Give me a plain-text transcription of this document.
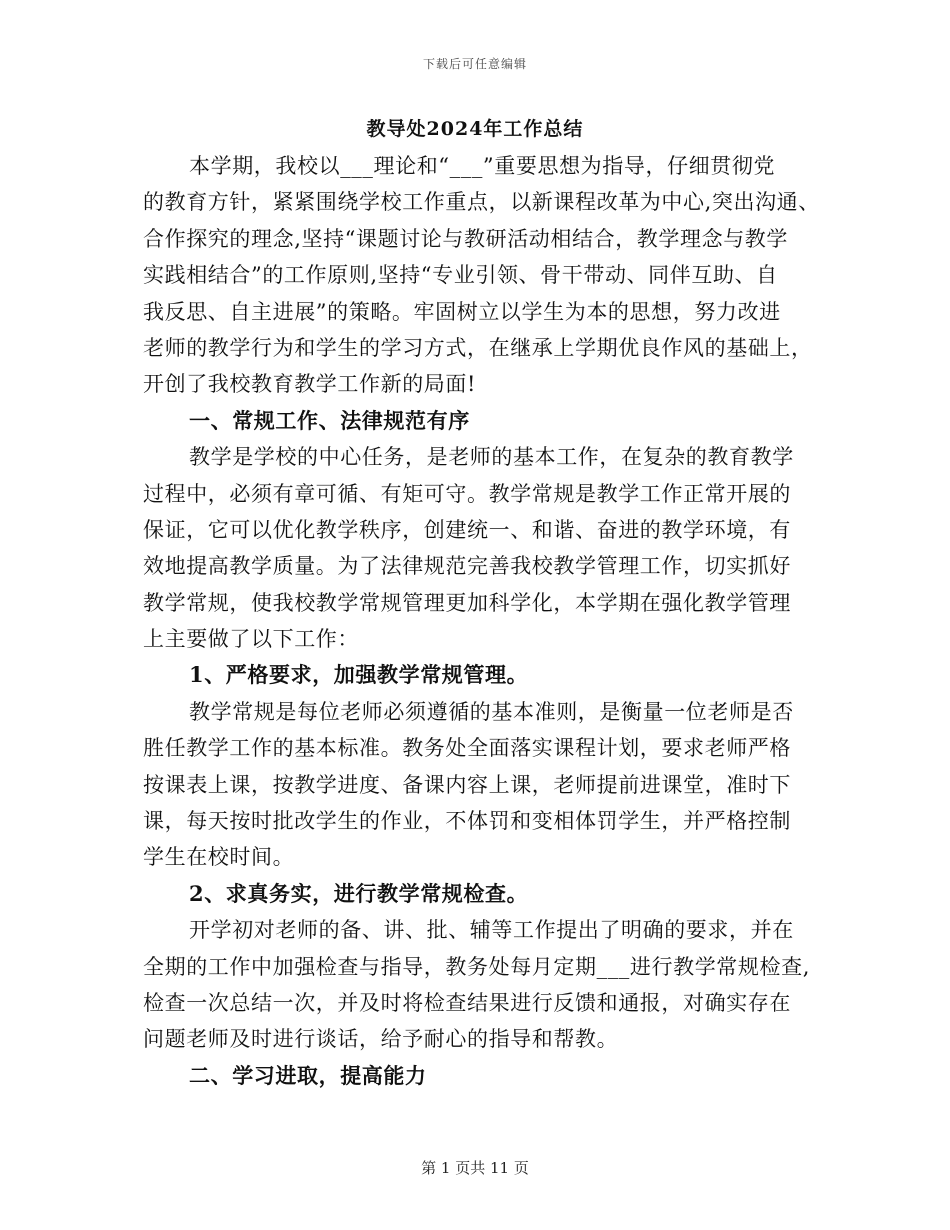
下载后可任意编辑
教导处2024年工作总结
本学期，我校以___理论和“___”重要思想为指导，仔细贯彻党
的教育方针，紧紧围绕学校工作重点，以新课程改革为中心,突出沟通、
合作探究的理念,坚持“课题讨论与教研活动相结合，教学理念与教学
实践相结合”的工作原则,坚持“专业引领、骨干带动、同伴互助、自
我反思、自主进展”的策略。牢固树立以学生为本的思想，努力改进
老师的教学行为和学生的学习方式，在继承上学期优良作风的基础上，
开创了我校教育教学工作新的局面!
一、常规工作、法律规范有序
教学是学校的中心任务，是老师的基本工作，在复杂的教育教学
过程中，必须有章可循、有矩可守。教学常规是教学工作正常开展的
保证，它可以优化教学秩序，创建统一、和谐、奋进的教学环境，有
效地提高教学质量。为了法律规范完善我校教学管理工作，切实抓好
教学常规，使我校教学常规管理更加科学化，本学期在强化教学管理
上主要做了以下工作：
1、严格要求，加强教学常规管理。
教学常规是每位老师必须遵循的基本准则，是衡量一位老师是否
胜任教学工作的基本标准。教务处全面落实课程计划，要求老师严格
按课表上课，按教学进度、备课内容上课，老师提前进课堂，准时下
课，每天按时批改学生的作业，不体罚和变相体罚学生，并严格控制
学生在校时间。
2、求真务实，进行教学常规检查。
开学初对老师的备、讲、批、辅等工作提出了明确的要求，并在
全期的工作中加强检查与指导，教务处每月定期___进行教学常规检查,
检查一次总结一次，并及时将检查结果进行反馈和通报，对确实存在
问题老师及时进行谈话，给予耐心的指导和帮教。
二、学习进取，提高能力
第 1 页共 11 页
